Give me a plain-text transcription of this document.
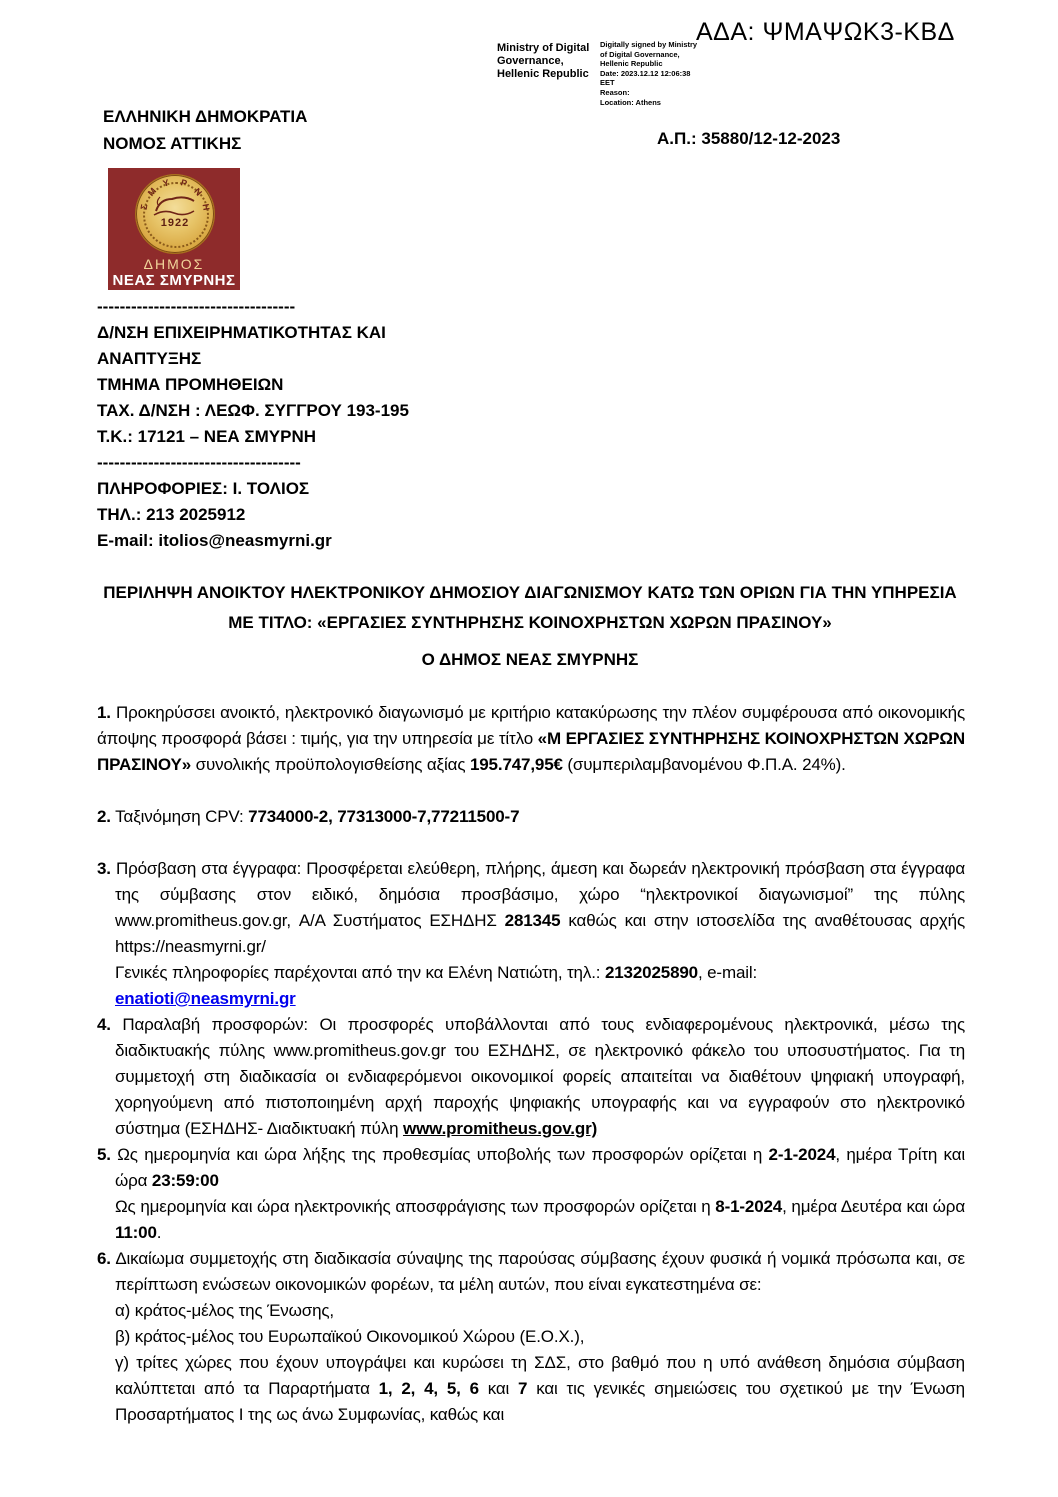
ΑΔΑ: ΨΜΑΨΩΚ3-ΚΒΔ
Ministry of Digital
Governance,
Hellenic Republic
Digitally signed by Ministry
of Digital Governance,
Hellenic Republic
Date: 2023.12.12 12:06:38
EET
Reason:
Location: Athens
ΕΛΛΗΝΙΚΗ ΔΗΜΟΚΡΑΤΙΑ
ΝΟΜΟΣ ΑΤΤΙΚΗΣ	Α.Π.: 35880/12-12-2023
Σ
Μ
Υ Ρ
Ν
Η
1922
ΔΗΜΟΣ
ΝΕΑΣ ΣΜΥΡΝΗΣ
-----------------------------------
Δ/ΝΣΗ ΕΠΙΧΕΙΡΗΜΑΤΙΚΟΤΗΤΑΣ ΚΑΙ
ΑΝΑΠΤΥΞΗΣ
ΤΜΗΜΑ ΠΡΟΜΗΘΕΙΩΝ
ΤΑΧ. Δ/ΝΣΗ : ΛΕΩΦ. ΣΥΓΓΡΟΥ 193-195
Τ.Κ.: 17121 – ΝΕΑ ΣΜΥΡΝΗ
------------------------------------
ΠΛΗΡΟΦΟΡΙΕΣ: Ι. ΤΟΛΙΟΣ
ΤΗΛ.: 213 2025912
E-mail: itolios@neasmyrni.gr
ΠΕΡΙΛΗΨΗ ΑΝΟΙΚΤΟΥ ΗΛΕΚΤΡΟΝΙΚΟΥ ΔΗΜΟΣΙΟΥ ΔΙΑΓΩΝΙΣΜΟΥ ΚΑΤΩ ΤΩΝ ΟΡΙΩΝ ΓΙΑ ΤΗΝ ΥΠΗΡΕΣΙΑ
ΜΕ ΤΙΤΛΟ: «ΕΡΓΑΣΙΕΣ ΣΥΝΤΗΡΗΣΗΣ ΚΟΙΝΟΧΡΗΣΤΩΝ ΧΩΡΩΝ ΠΡΑΣΙΝΟΥ»
Ο ΔΗΜΟΣ ΝΕΑΣ ΣΜΥΡΝΗΣ

1. Προκηρύσσει ανοικτό, ηλεκτρονικό διαγωνισμό με κριτήριο κατακύρωσης την πλέον συμφέρουσα από οικονομικής άποψης προσφορά βάσει : τιμής, για την υπηρεσία με τίτλο «Μ ΕΡΓΑΣΙΕΣ ΣΥΝΤΗΡΗΣΗΣ ΚΟΙΝΟΧΡΗΣΤΩΝ ΧΩΡΩΝ ΠΡΑΣΙΝΟΥ» συνολικής προϋπολογισθείσης αξίας 195.747,95€ (συμπεριλαμβανομένου Φ.Π.Α. 24%).

2. Ταξινόμηση CPV: 7734000-2, 77313000-7,77211500-7

3. Πρόσβαση στα έγγραφα: Προσφέρεται ελεύθερη, πλήρης, άμεση και δωρεάν ηλεκτρονική πρόσβαση στα έγγραφα της σύμβασης στον ειδικό, δημόσια προσβάσιμο, χώρο “ηλεκτρονικοί διαγωνισμοί” της πύλης www.promitheus.gov.gr, Α/Α Συστήματος ΕΣΗΔΗΣ 281345 καθώς και στην ιστοσελίδα της αναθέτουσας αρχής https://neasmyrni.gr/
Γενικές πληροφορίες παρέχονται από την κα Ελένη Νατιώτη, τηλ.: 2132025890, e-mail:
enatioti@neasmyrni.gr

4. Παραλαβή προσφορών: Οι προσφορές υποβάλλονται από τους ενδιαφερομένους ηλεκτρονικά, μέσω της διαδικτυακής πύλης www.promitheus.gov.gr του ΕΣΗΔΗΣ, σε ηλεκτρονικό φάκελο του υποσυστήματος. Για τη συμμετοχή στη διαδικασία οι ενδιαφερόμενοι οικονομικοί φορείς απαιτείται να διαθέτουν ψηφιακή υπογραφή, χορηγούμενη από πιστοποιημένη αρχή παροχής ψηφιακής υπογραφής και να εγγραφούν στο ηλεκτρονικό σύστημα (ΕΣΗΔΗΣ- Διαδικτυακή πύλη www.promitheus.gov.gr)

5. Ως ημερομηνία και ώρα λήξης της προθεσμίας υποβολής των προσφορών ορίζεται η 2-1-2024, ημέρα Τρίτη και ώρα 23:59:00
Ως ημερομηνία και ώρα ηλεκτρονικής αποσφράγισης των προσφορών ορίζεται η 8-1-2024, ημέρα Δευτέρα και ώρα 11:00.

6. Δικαίωμα συμμετοχής στη διαδικασία σύναψης της παρούσας σύμβασης έχουν φυσικά ή νομικά πρόσωπα και, σε περίπτωση ενώσεων οικονομικών φορέων, τα μέλη αυτών, που είναι εγκατεστημένα σε:
α) κράτος-μέλος της Ένωσης,
β) κράτος-μέλος του Ευρωπαϊκού Οικονομικού Χώρου (Ε.Ο.Χ.),
γ) τρίτες χώρες που έχουν υπογράψει και κυρώσει τη ΣΔΣ, στο βαθμό που η υπό ανάθεση δημόσια σύμβαση καλύπτεται από τα Παραρτήματα 1, 2, 4, 5, 6 και 7 και τις γενικές σημειώσεις του σχετικού με την Ένωση Προσαρτήματος Ι της ως άνω Συμφωνίας, καθώς και
